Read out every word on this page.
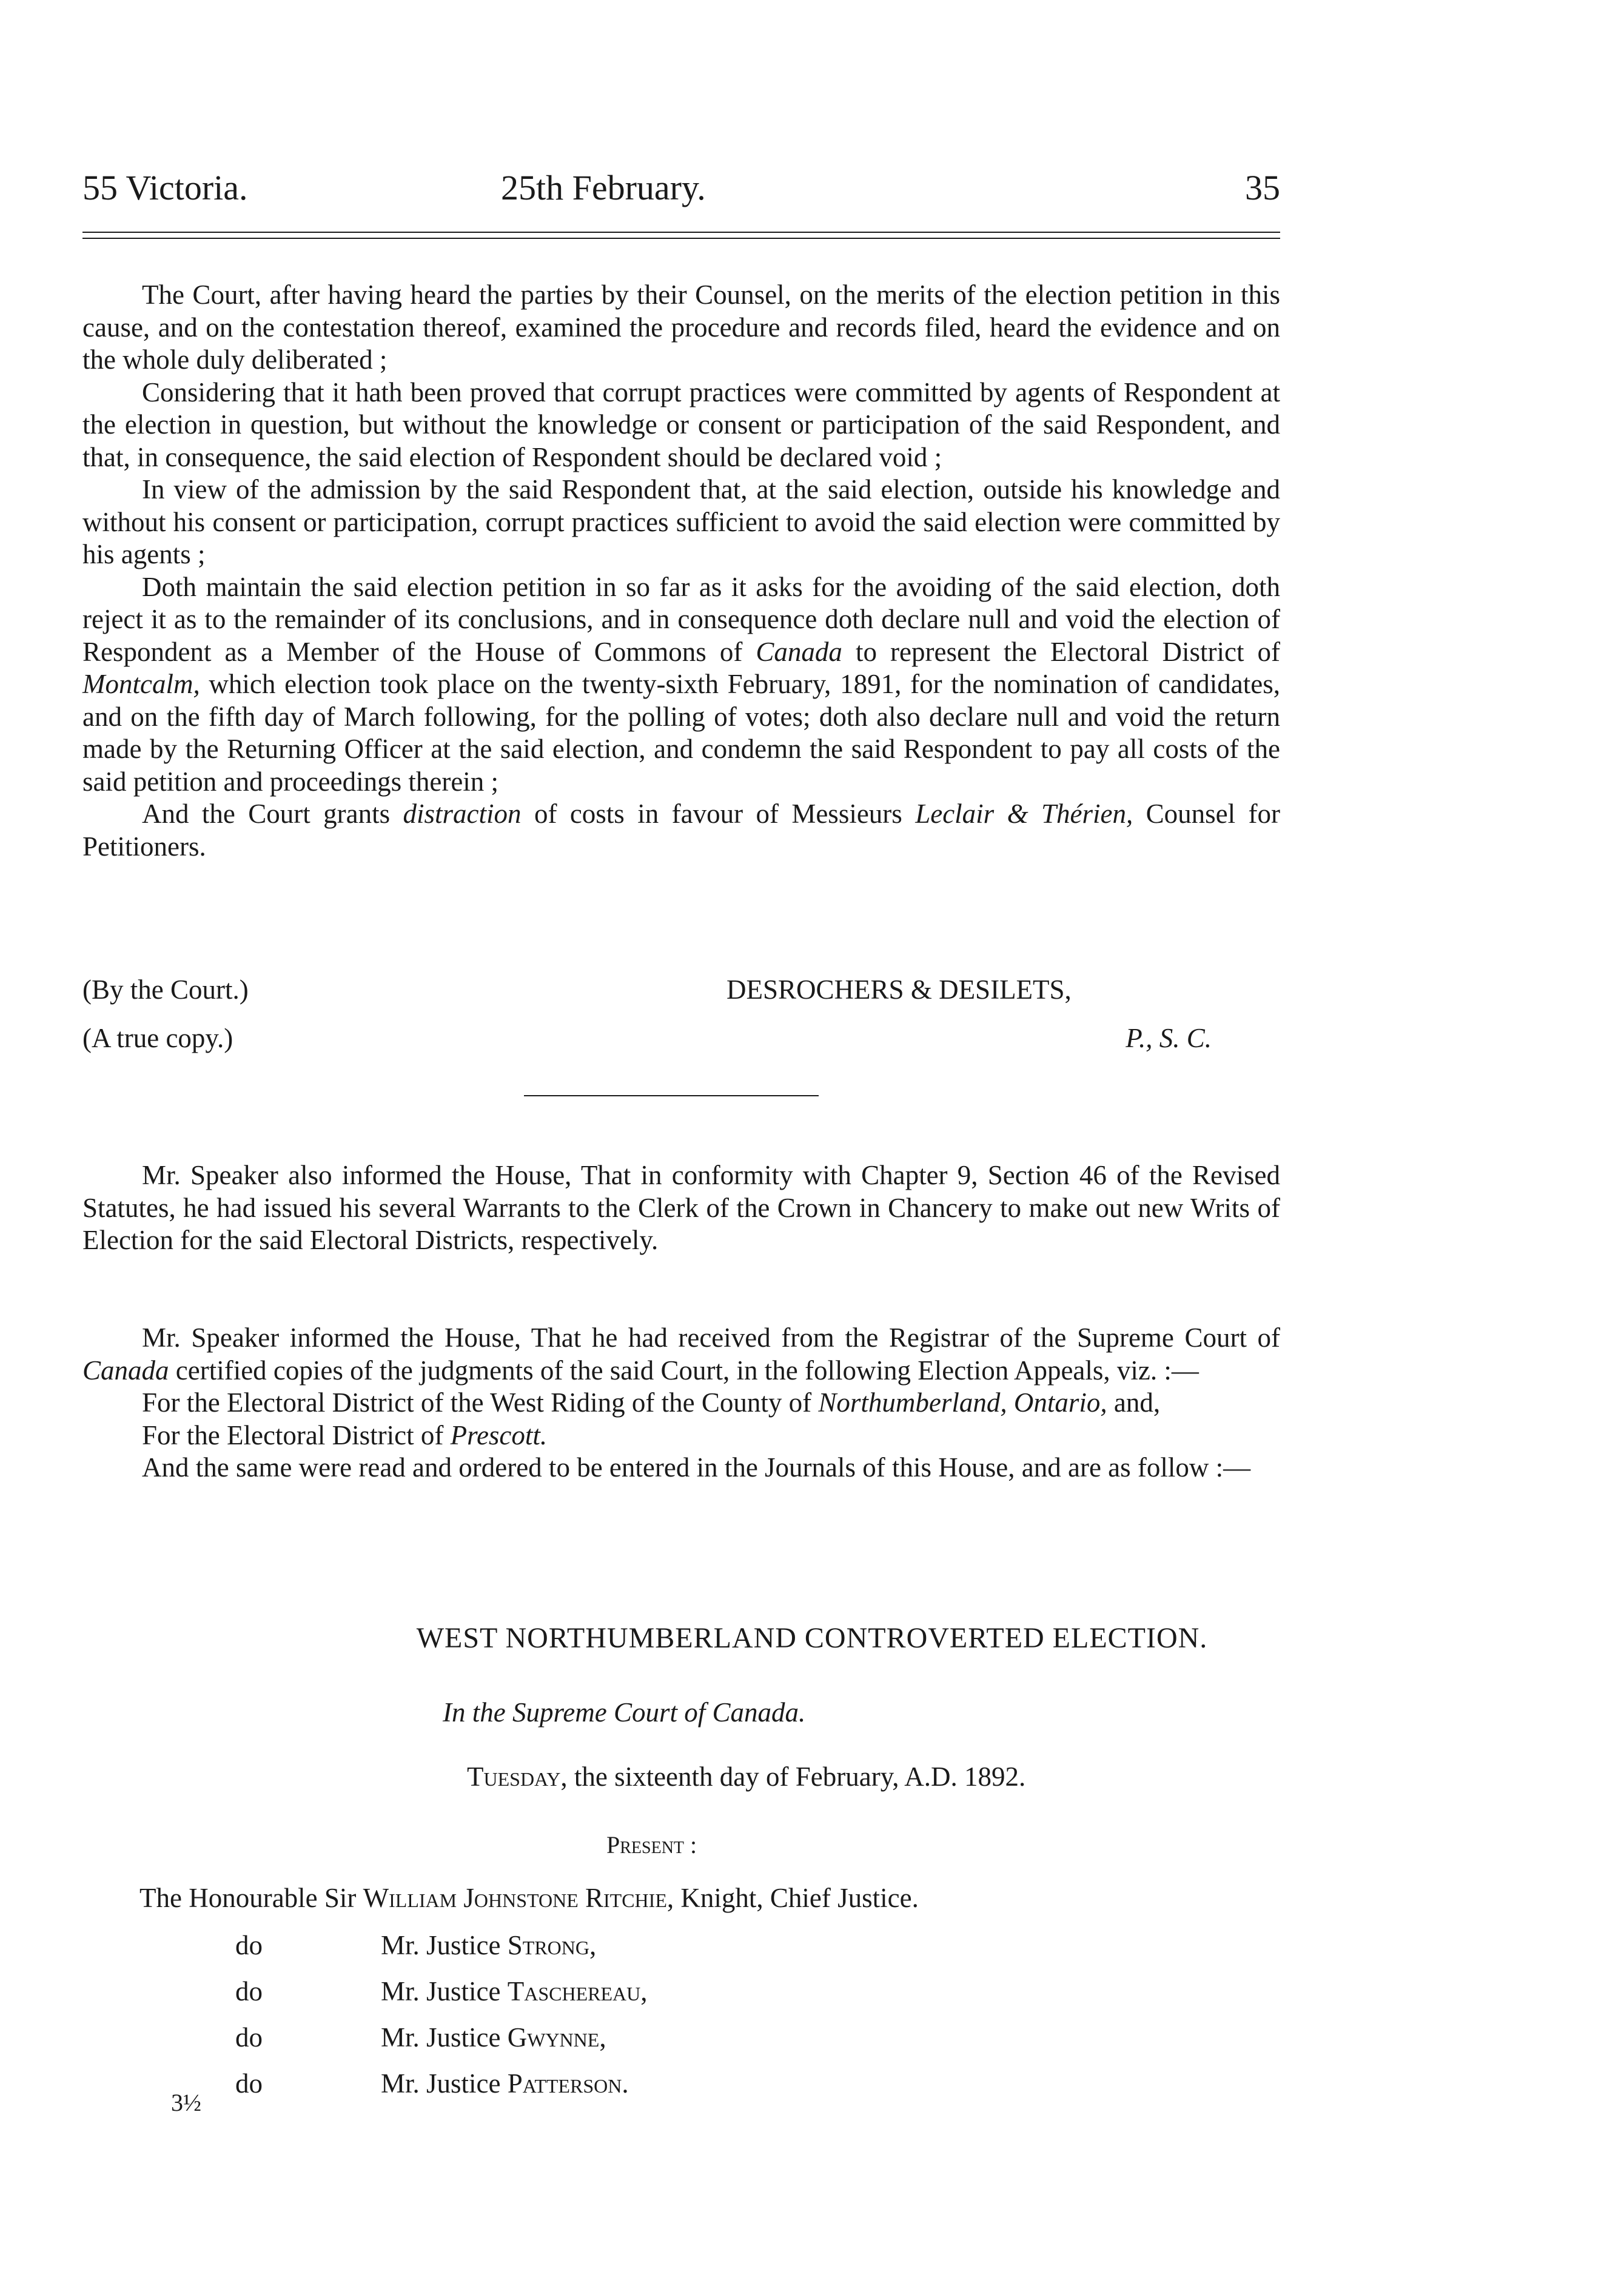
55 Victoria.	25th February.	35

The Court, after having heard the parties by their Counsel, on the merits of the election petition in this cause, and on the contestation thereof, examined the procedure and records filed, heard the evidence and on the whole duly deliberated ;

Considering that it hath been proved that corrupt practices were committed by agents of Respondent at the election in question, but without the knowledge or consent or participation of the said Respondent, and that, in consequence, the said election of Respondent should be declared void ;

In view of the admission by the said Respondent that, at the said election, outside his knowledge and without his consent or participation, corrupt practices sufficient to avoid the said election were committed by his agents ;

Doth maintain the said election petition in so far as it asks for the avoiding of the said election, doth reject it as to the remainder of its conclusions, and in consequence doth declare null and void the election of Respondent as a Member of the House of Commons of Canada to represent the Electoral District of Montcalm, which election took place on the twenty-sixth February, 1891, for the nomination of candidates, and on the fifth day of March following, for the polling of votes; doth also declare null and void the return made by the Returning Officer at the said election, and condemn the said Respondent to pay all costs of the said petition and proceedings therein ;

And the Court grants distraction of costs in favour of Messieurs Leclair & Thérien, Counsel for Petitioners.

(By the Court.)	DESROCHERS & DESILETS,
(A true copy.)	P., S. C.

Mr. Speaker also informed the House, That in conformity with Chapter 9, Section 46 of the Revised Statutes, he had issued his several Warrants to the Clerk of the Crown in Chancery to make out new Writs of Election for the said Electoral Districts, respectively.

Mr. Speaker informed the House, That he had received from the Registrar of the Supreme Court of Canada certified copies of the judgments of the said Court, in the following Election Appeals, viz. :—

For the Electoral District of the West Riding of the County of Northumberland, Ontario, and,

For the Electoral District of Prescott.

And the same were read and ordered to be entered in the Journals of this House, and are as follow :—

WEST NORTHUMBERLAND CONTROVERTED ELECTION.
In the Supreme Court of Canada.
Tuesday, the sixteenth day of February, A.D. 1892.
Present :
The Honourable Sir William Johnstone Ritchie, Knight, Chief Justice.
do	Mr. Justice Strong,
do	Mr. Justice Taschereau,
do	Mr. Justice Gwynne,
do	Mr. Justice Patterson.
3½
